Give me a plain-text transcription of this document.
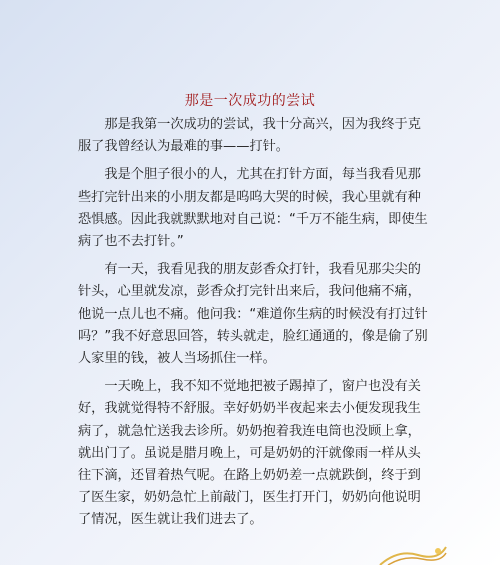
那是一次成功的尝试

那是我第一次成功的尝试，我十分高兴，因为我终于克服了我曾经认为最难的事——打针。

我是个胆子很小的人，尤其在打针方面，每当我看见那些打完针出来的小朋友都是呜呜大哭的时候，我心里就有种恐惧感。因此我就默默地对自己说：“千万不能生病，即使生病了也不去打针。”

有一天，我看见我的朋友彭香众打针，我看见那尖尖的针头，心里就发凉，彭香众打完针出来后，我问他痛不痛，他说一点儿也不痛。他问我：“难道你生病的时候没有打过针吗？”我不好意思回答，转头就走，脸红通通的，像是偷了别人家里的钱，被人当场抓住一样。

一天晚上，我不知不觉地把被子踢掉了，窗户也没有关好，我就觉得特不舒服。幸好奶奶半夜起来去小便发现我生病了，就急忙送我去诊所。奶奶抱着我连电筒也没顾上拿，就出门了。虽说是腊月晚上，可是奶奶的汗就像雨一样从头往下滴，还冒着热气呢。在路上奶奶差一点就跌倒，终于到了医生家，奶奶急忙上前敲门，医生打开门，奶奶向他说明了情况，医生就让我们进去了。
